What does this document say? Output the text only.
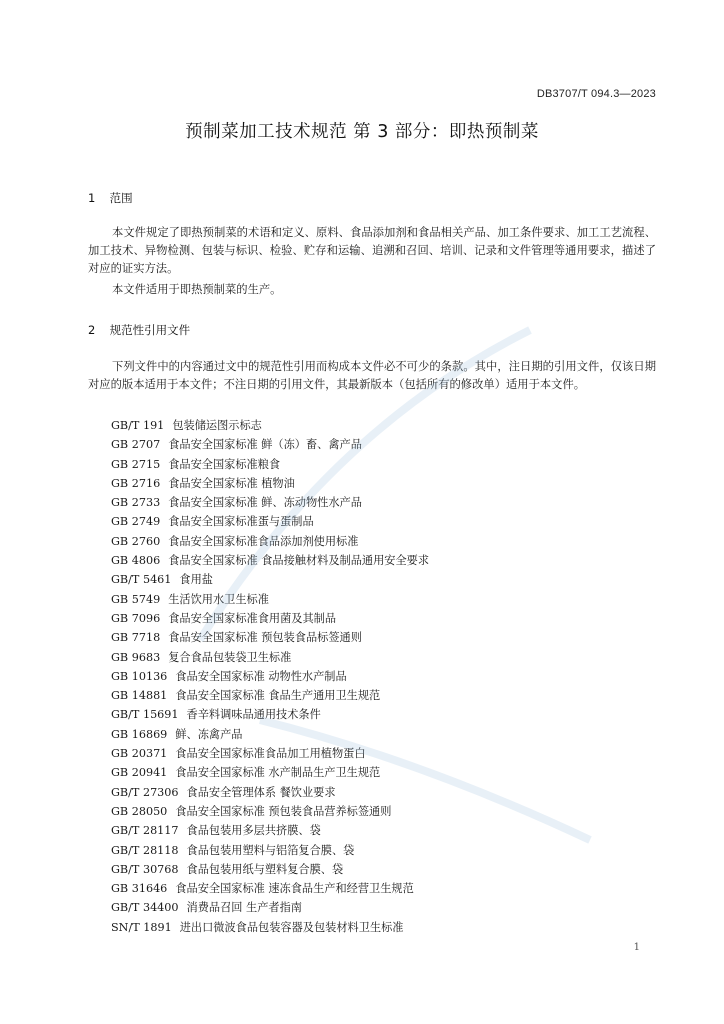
DB3707/T 094.3—2023
预制菜加工技术规范 第 3 部分：即热预制菜
1 范围
本文件规定了即热预制菜的术语和定义、原料、食品添加剂和食品相关产品、加工条件要求、加工工艺流程、加工技术、异物检测、包装与标识、检验、贮存和运输、追溯和召回、培训、记录和文件管理等通用要求，描述了对应的证实方法。
本文件适用于即热预制菜的生产。
2 规范性引用文件
下列文件中的内容通过文中的规范性引用而构成本文件必不可少的条款。其中，注日期的引用文件，仅该日期对应的版本适用于本文件；不注日期的引用文件，其最新版本（包括所有的修改单）适用于本文件。
GB/T 191 包装储运图示标志
GB 2707 食品安全国家标准 鲜（冻）畜、禽产品
GB 2715 食品安全国家标准粮食
GB 2716 食品安全国家标准 植物油
GB 2733 食品安全国家标准 鲜、冻动物性水产品
GB 2749 食品安全国家标准蛋与蛋制品
GB 2760 食品安全国家标准食品添加剂使用标准
GB 4806 食品安全国家标准 食品接触材料及制品通用安全要求
GB/T 5461 食用盐
GB 5749 生活饮用水卫生标准
GB 7096 食品安全国家标准食用菌及其制品
GB 7718 食品安全国家标准 预包装食品标签通则
GB 9683 复合食品包装袋卫生标准
GB 10136 食品安全国家标准 动物性水产制品
GB 14881 食品安全国家标准 食品生产通用卫生规范
GB/T 15691 香辛料调味品通用技术条件
GB 16869 鲜、冻禽产品
GB 20371 食品安全国家标准食品加工用植物蛋白
GB 20941 食品安全国家标准 水产制品生产卫生规范
GB/T 27306 食品安全管理体系 餐饮业要求
GB 28050 食品安全国家标准 预包装食品营养标签通则
GB/T 28117 食品包装用多层共挤膜、袋
GB/T 28118 食品包装用塑料与铝箔复合膜、袋
GB/T 30768 食品包装用纸与塑料复合膜、袋
GB 31646 食品安全国家标准 速冻食品生产和经营卫生规范
GB/T 34400 消费品召回 生产者指南
SN/T 1891 进出口微波食品包装容器及包装材料卫生标准
1
